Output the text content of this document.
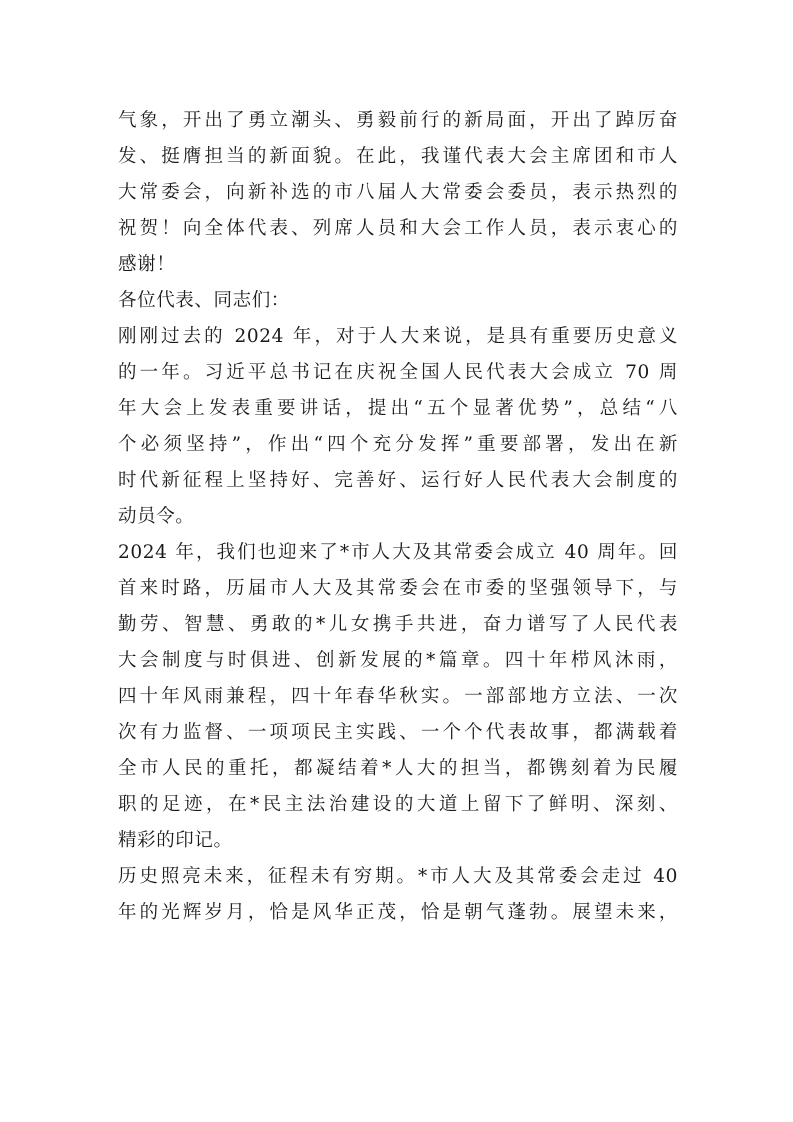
气象，开出了勇立潮头、勇毅前行的新局面，开出了踔厉奋
发、挺膺担当的新面貌。在此，我谨代表大会主席团和市人
大常委会，向新补选的市八届人大常委会委员，表示热烈的
祝贺！向全体代表、列席人员和大会工作人员，表示衷心的
感谢！
各位代表、同志们：
刚刚过去的 2024 年，对于人大来说，是具有重要历史意义
的一年。习近平总书记在庆祝全国人民代表大会成立 70 周
年大会上发表重要讲话，提出“五个显著优势”，总结“八
个必须坚持”，作出“四个充分发挥”重要部署，发出在新
时代新征程上坚持好、完善好、运行好人民代表大会制度的
动员令。
2024 年，我们也迎来了*市人大及其常委会成立 40 周年。回
首来时路，历届市人大及其常委会在市委的坚强领导下，与
勤劳、智慧、勇敢的*儿女携手共进，奋力谱写了人民代表
大会制度与时俱进、创新发展的*篇章。四十年栉风沐雨，
四十年风雨兼程，四十年春华秋实。一部部地方立法、一次
次有力监督、一项项民主实践、一个个代表故事，都满载着
全市人民的重托，都凝结着*人大的担当，都镌刻着为民履
职的足迹，在*民主法治建设的大道上留下了鲜明、深刻、
精彩的印记。
历史照亮未来，征程未有穷期。*市人大及其常委会走过 40
年的光辉岁月，恰是风华正茂，恰是朝气蓬勃。展望未来，
